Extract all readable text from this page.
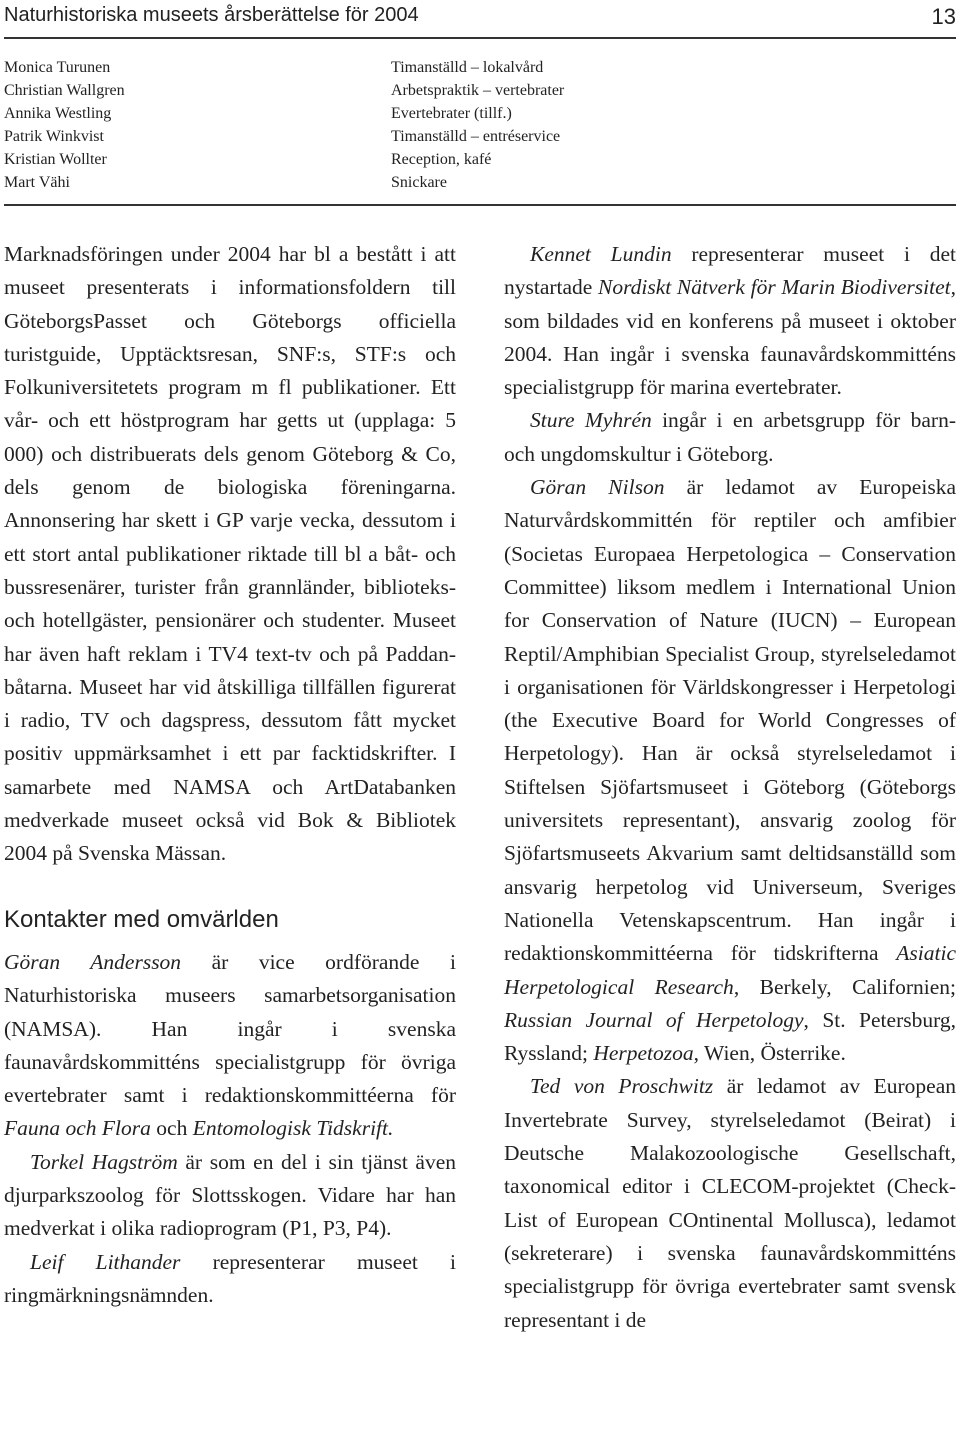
Naturhistoriska museets årsberättelse för 2004	13
Monica Turunen
Christian Wallgren
Annika Westling
Patrik Winkvist
Kristian Wollter
Mart Vähi
Timanställd – lokalvård
Arbetspraktik – vertebrater
Evertebrater (tillf.)
Timanställd – entréservice
Reception, kafé
Snickare

Marknadsföringen under 2004 har bl a bestått i att museet presenterats i informationsfoldern till GöteborgsPasset och Göteborgs officiella turistguide, Upptäcktsresan, SNF:s, STF:s och Folkuniversitetets program m fl publikationer. Ett vår- och ett höstprogram har getts ut (upplaga: 5 000) och distribuerats dels genom Göteborg & Co, dels genom de biologiska föreningarna. Annonsering har skett i GP varje vecka, dessutom i ett stort antal publikationer riktade till bl a båt- och bussresenärer, turister från grannländer, biblioteks- och hotellgäster, pensionärer och studenter. Museet har även haft reklam i TV4 text-tv och på Paddan-båtarna. Museet har vid åtskilliga tillfällen figurerat i radio, TV och dagspress, dessutom fått mycket positiv uppmärksamhet i ett par facktidskrifter. I samarbete med NAMSA och ArtDatabanken medverkade museet också vid Bok & Bibliotek 2004 på Svenska Mässan.

Kontakter med omvärlden

Göran Andersson är vice ordförande i Naturhistoriska museers samarbetsorganisation (NAMSA). Han ingår i svenska faunavårdskommitténs specialistgrupp för övriga evertebrater samt i redaktionskommittéerna för Fauna och Flora och Entomologisk Tidskrift.

Torkel Hagström är som en del i sin tjänst även djurparkszoolog för Slottsskogen. Vidare har han medverkat i olika radioprogram (P1, P3, P4).

Leif Lithander representerar museet i ringmärkningsnämnden.

Kennet Lundin representerar museet i det nystartade Nordiskt Nätverk för Marin Biodiversitet, som bildades vid en konferens på museet i oktober 2004. Han ingår i svenska faunavårdskommitténs specialistgrupp för marina evertebrater.

Sture Myhrén ingår i en arbetsgrupp för barn- och ungdomskultur i Göteborg.

Göran Nilson är ledamot av Europeiska Naturvårdskommittén för reptiler och amfibier (Societas Europaea Herpetologica – Conservation Committee) liksom medlem i International Union for Conservation of Nature (IUCN) – European Reptil/Amphibian Specialist Group, styrelseledamot i organisationen för Världskongresser i Herpetologi (the Executive Board for World Congresses of Herpetology). Han är också styrelseledamot i Stiftelsen Sjöfartsmuseet i Göteborg (Göteborgs universitets representant), ansvarig zoolog för Sjöfartsmuseets Akvarium samt deltidsanställd som ansvarig herpetolog vid Universeum, Sveriges Nationella Vetenskapscentrum. Han ingår i redaktionskommittéerna för tidskrifterna Asiatic Herpetological Research, Berkely, Californien; Russian Journal of Herpetology, St. Petersburg, Ryssland; Herpetozoa, Wien, Österrike.

Ted von Proschwitz är ledamot av European Invertebrate Survey, styrelseledamot (Beirat) i Deutsche Malakozoologische Gesellschaft, taxonomical editor i CLECOM-projektet (Check-List of European COntinental Mollusca), ledamot (sekreterare) i svenska faunavårdskommitténs specialistgrupp för övriga evertebrater samt svensk representant i de
